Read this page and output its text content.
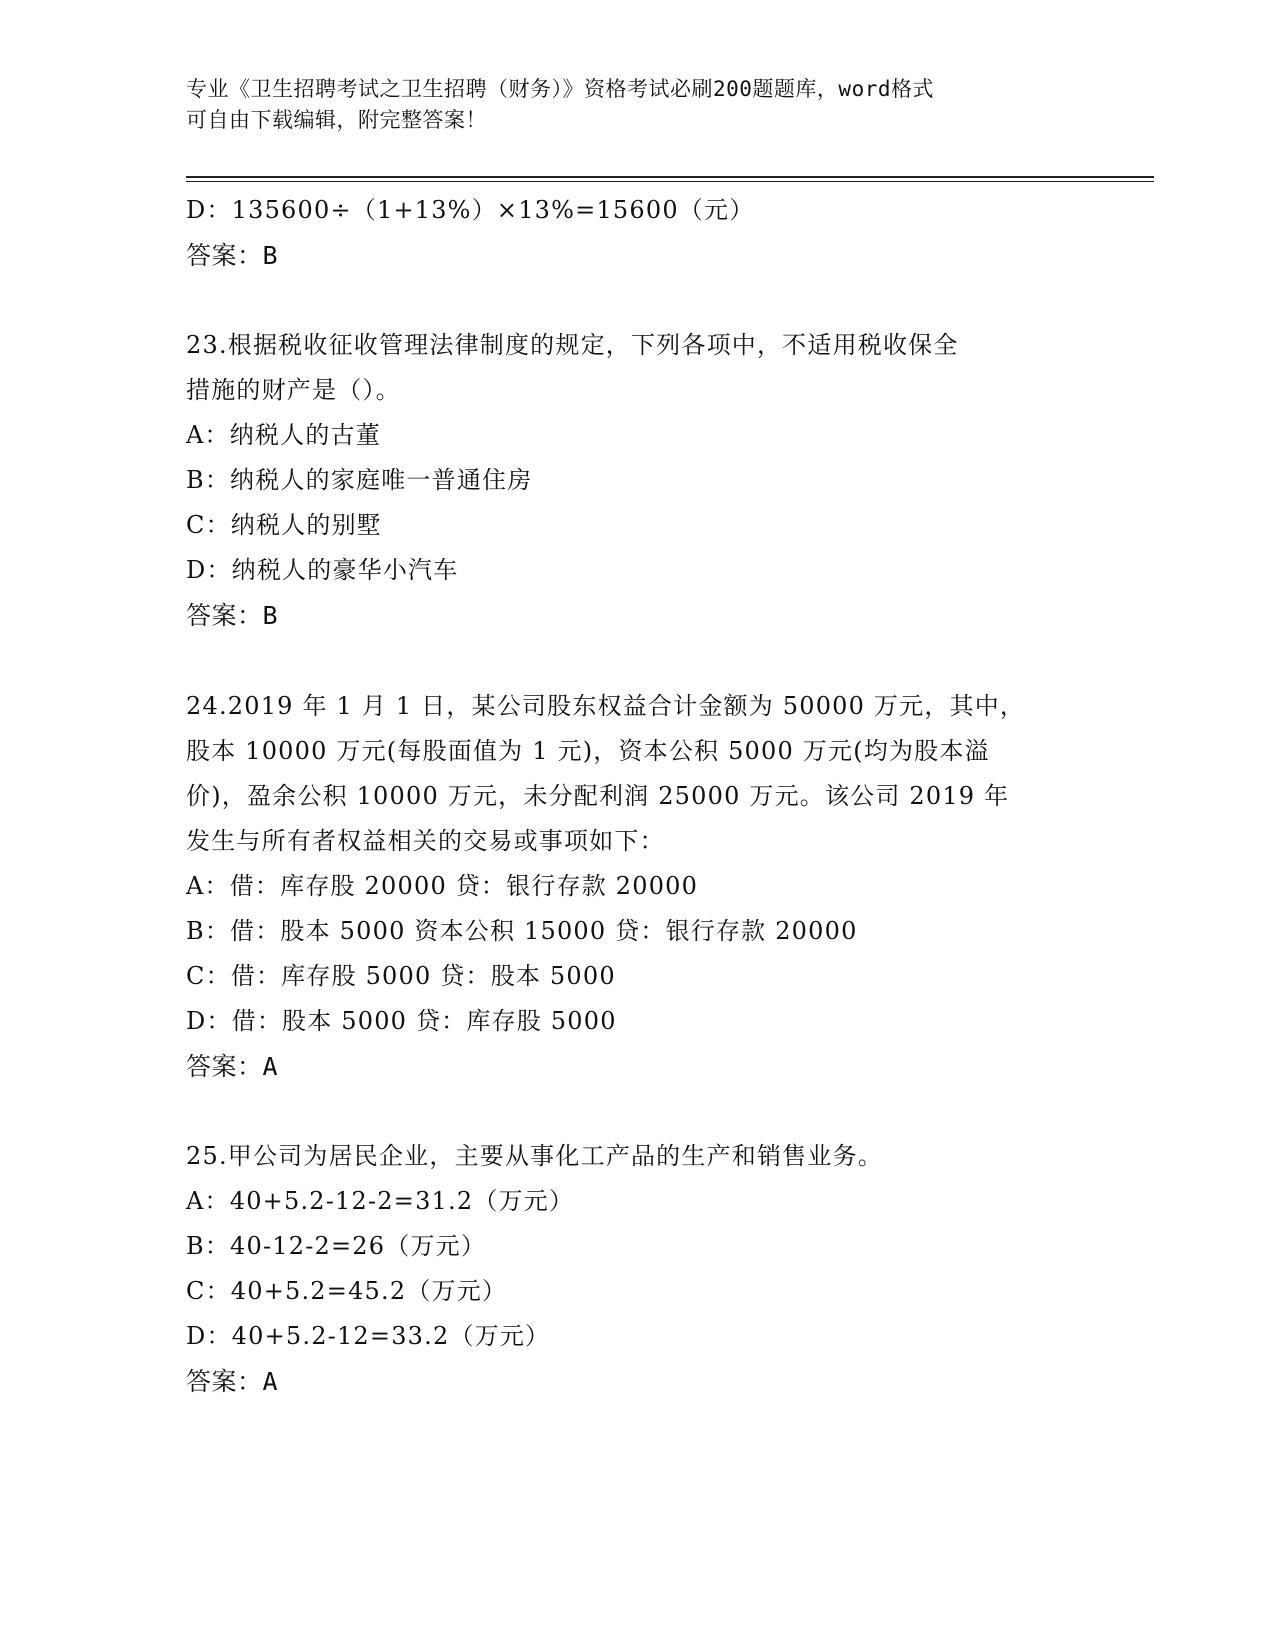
专业《卫生招聘考试之卫生招聘（财务）》资格考试必刷200题题库，word格式
可自由下载编辑，附完整答案！
D：135600÷（1+13%）×13%=15600（元）
答案：B
23.根据税收征收管理法律制度的规定，下列各项中，不适用税收保全
措施的财产是（）。
A：纳税人的古董
B：纳税人的家庭唯一普通住房
C：纳税人的别墅
D：纳税人的豪华小汽车
答案：B
24.2019 年 1 月 1 日，某公司股东权益合计金额为 50000 万元，其中，
股本 10000 万元(每股面值为 1 元)，资本公积 5000 万元(均为股本溢
价)，盈余公积 10000 万元，未分配利润 25000 万元。该公司 2019 年
发生与所有者权益相关的交易或事项如下：
A：借：库存股 20000 贷：银行存款 20000
B：借：股本 5000 资本公积 15000 贷：银行存款 20000
C：借：库存股 5000 贷：股本 5000
D：借：股本 5000 贷：库存股 5000
答案：A
25.甲公司为居民企业，主要从事化工产品的生产和销售业务。
A：40+5.2-12-2=31.2（万元）
B：40-12-2=26（万元）
C：40+5.2=45.2（万元）
D：40+5.2-12=33.2（万元）
答案：A
